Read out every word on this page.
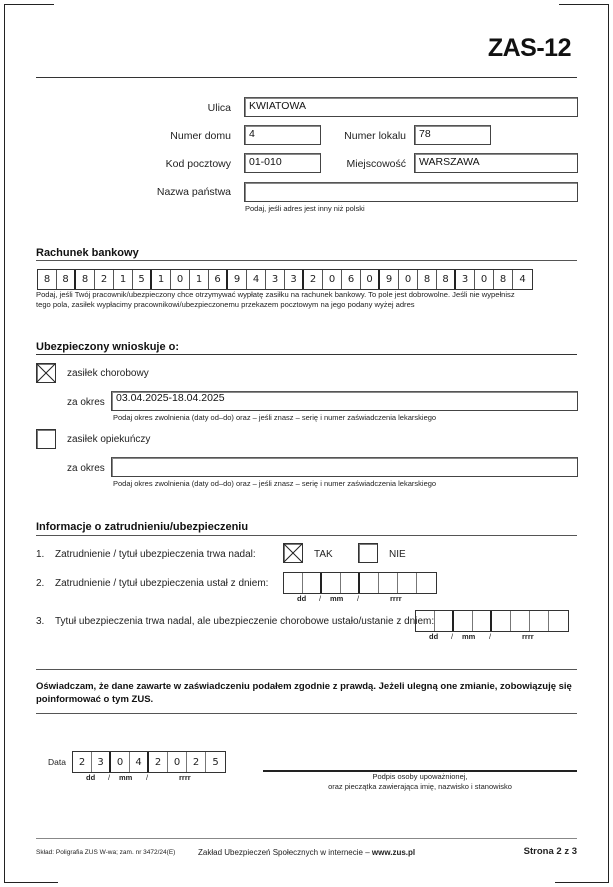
ZAS-12
Ulica	KWIATOWA
Numer domu	4	Numer lokalu	78
Kod pocztowy	01-010	Miejscowość	WARSZAWA
Nazwa państwa
Podaj, jeśli adres jest inny niż polski
Rachunek bankowy
8	8	8	2	1	5	1	0	1	6	9	4	3	3	2	0	6	0	9	0	8	8	3	0	8	4
Podaj, jeśli Twój pracownik/ubezpieczony chce otrzymywać wypłatę zasiłku na rachunek bankowy. To pole jest dobrowolne. Jeśli nie wypełnisz
tego pola, zasiłek wypłacimy pracownikowi/ubezpieczonemu przekazem pocztowym na jego podany wyżej adres
Ubezpieczony wnioskuje o:
zasiłek chorobowy
za okres	03.04.2025-18.04.2025
Podaj okres zwolnienia (daty od–do) oraz – jeśli znasz – serię i numer zaświadczenia lekarskiego
zasiłek opiekuńczy
za okres
Podaj okres zwolnienia (daty od–do) oraz – jeśli znasz – serię i numer zaświadczenia lekarskiego
Informacje o zatrudnieniu/ubezpieczeniu
1. Zatrudnienie / tytuł ubezpieczenia trwa nadal:	TAK	NIE
2. Zatrudnienie / tytuł ubezpieczenia ustał z dniem:
dd / mm /	rrrr
3. Tytuł ubezpieczenia trwa nadal, ale ubezpieczenie chorobowe ustało/ustanie z dniem:
dd / mm /	rrrr
Oświadczam, że dane zawarte w zaświadczeniu podałem zgodnie z prawdą. Jeżeli ulegną one zmianie, zobowiązuję się poinformować o tym ZUS.
Data	2	3	0	4	2	0	2	5
dd / mm /	rrrr	Podpis osoby upoważnionej,
oraz pieczątka zawierająca imię, nazwisko i stanowisko
Skład: Poligrafia ZUS W-wa; zam. nr 3472/24(E)	Zakład Ubezpieczeń Społecznych w internecie – www.zus.pl	Strona 2 z 3
